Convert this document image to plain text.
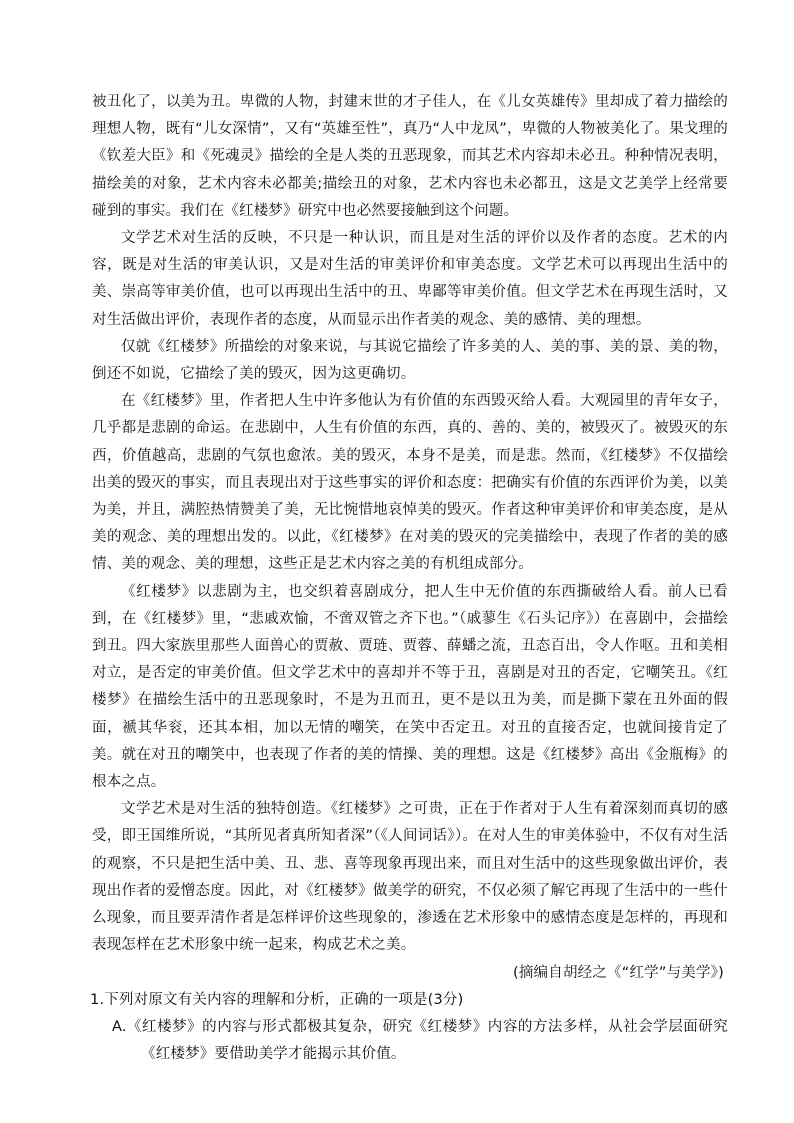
被丑化了，以美为丑。卑微的人物，封建末世的才子佳人，在《儿女英雄传》里却成了着力描绘的理想人物，既有“儿女深情”，又有“英雄至性”，真乃“人中龙凤”，卑微的人物被美化了。果戈理的《钦差大臣》和《死魂灵》描绘的全是人类的丑恶现象，而其艺术内容却未必丑。种种情况表明，描绘美的对象，艺术内容未必都美;描绘丑的对象，艺术内容也未必都丑，这是文艺美学上经常要碰到的事实。我们在《红楼梦》研究中也必然要接触到这个问题。

文学艺术对生活的反映，不只是一种认识，而且是对生活的评价以及作者的态度。艺术的内容，既是对生活的审美认识，又是对生活的审美评价和审美态度。文学艺术可以再现出生活中的美、崇高等审美价值，也可以再现出生活中的丑、卑鄙等审美价值。但文学艺术在再现生活时，又对生活做出评价，表现作者的态度，从而显示出作者美的观念、美的感情、美的理想。

仅就《红楼梦》所描绘的对象来说，与其说它描绘了许多美的人、美的事、美的景、美的物，倒还不如说，它描绘了美的毁灭，因为这更确切。

在《红楼梦》里，作者把人生中许多他认为有价值的东西毁灭给人看。大观园里的青年女子，几乎都是悲剧的命运。在悲剧中，人生有价值的东西，真的、善的、美的，被毁灭了。被毁灭的东西，价值越高，悲剧的气氛也愈浓。美的毁灭，本身不是美，而是悲。然而，《红楼梦》不仅描绘出美的毁灭的事实，而且表现出对于这些事实的评价和态度：把确实有价值的东西评价为美，以美为美，并且，满腔热情赞美了美，无比惋惜地哀悼美的毁灭。作者这种审美评价和审美态度，是从美的观念、美的理想出发的。以此，《红楼梦》在对美的毁灭的完美描绘中，表现了作者的美的感情、美的观念、美的理想，这些正是艺术内容之美的有机组成部分。

《红楼梦》以悲剧为主，也交织着喜剧成分，把人生中无价值的东西撕破给人看。前人已看到，在《红楼梦》里，“悲戚欢愉，不啻双管之齐下也。”（戚蓼生《石头记序》）在喜剧中，会描绘到丑。四大家族里那些人面兽心的贾赦、贾琏、贾蓉、薛蟠之流，丑态百出，令人作呕。丑和美相对立，是否定的审美价值。但文学艺术中的喜却并不等于丑，喜剧是对丑的否定，它嘲笑丑。《红楼梦》在描绘生活中的丑恶现象时，不是为丑而丑，更不是以丑为美，而是撕下蒙在丑外面的假面，褫其华衮，还其本相，加以无情的嘲笑，在笑中否定丑。对丑的直接否定，也就间接肯定了美。就在对丑的嘲笑中，也表现了作者的美的情操、美的理想。这是《红楼梦》高出《金瓶梅》的根本之点。

文学艺术是对生活的独特创造。《红楼梦》之可贵，正在于作者对于人生有着深刻而真切的感受，即王国维所说，“其所见者真所知者深”（《人间词话》）。在对人生的审美体验中，不仅有对生活的观察，不只是把生活中美、丑、悲、喜等现象再现出来，而且对生活中的这些现象做出评价，表现出作者的爱憎态度。因此，对《红楼梦》做美学的研究，不仅必须了解它再现了生活中的一些什么现象，而且要弄清作者是怎样评价这些现象的，渗透在艺术形象中的感情态度是怎样的，再现和表现怎样在艺术形象中统一起来，构成艺术之美。

(摘编自胡经之《“红学”与美学》)

1.下列对原文有关内容的理解和分析，正确的一项是(3分)

A.《红楼梦》的内容与形式都极其复杂，研究《红楼梦》内容的方法多样，从社会学层面研究《红楼梦》要借助美学才能揭示其价值。
